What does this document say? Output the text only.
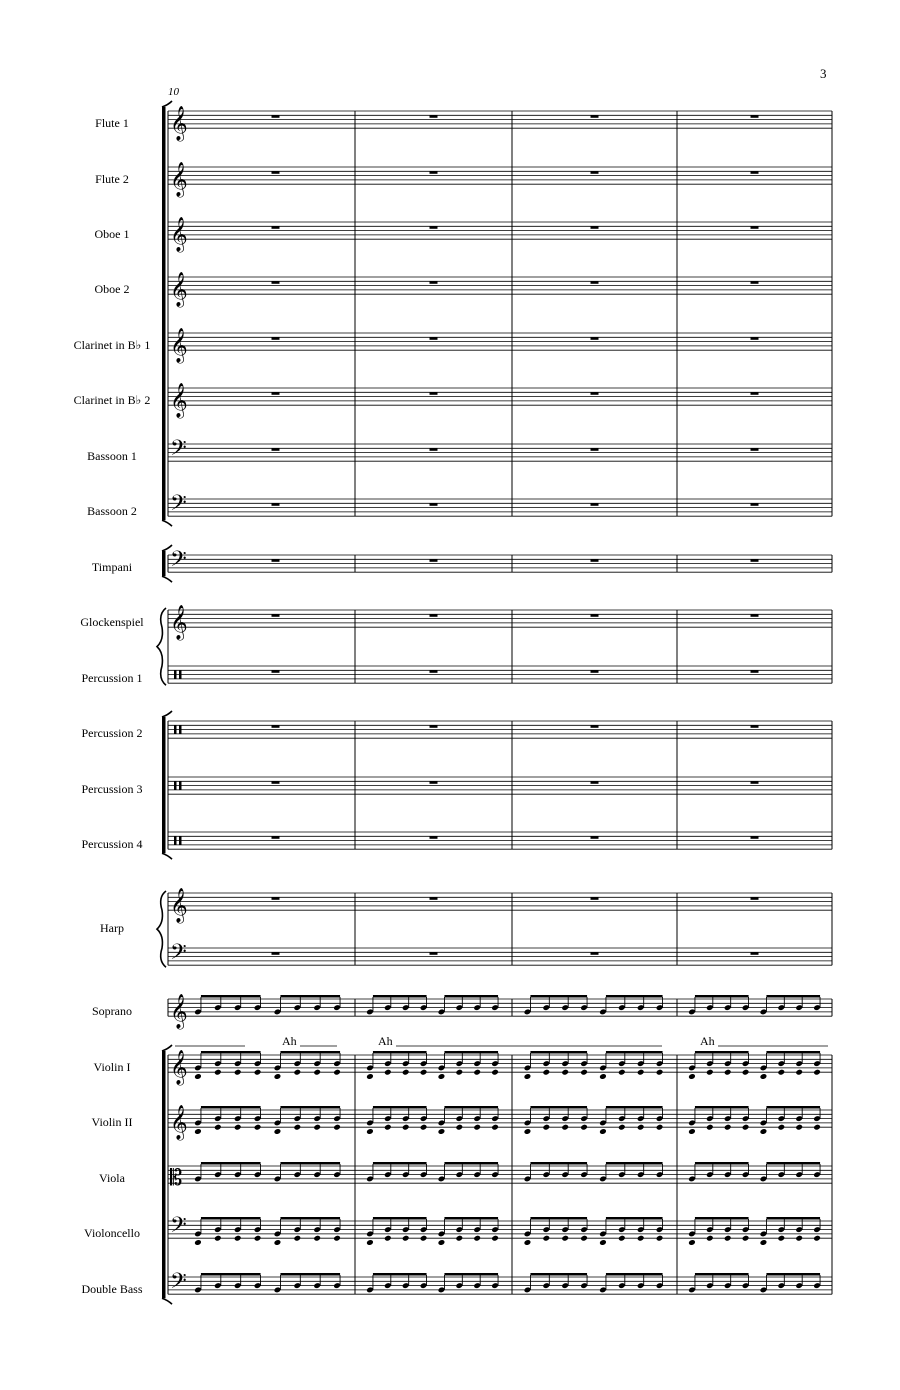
𝄞
𝄞
𝄞
𝄞
𝄞
𝄞
𝄢
𝄢
𝄢
𝄞
𝄞
𝄢
𝄞
𝄞
𝄞
𝄡
𝄢
𝄢
3
10
Flute 1
Flute 2
Oboe 1
Oboe 2
Clarinet in B♭ 1
Clarinet in B♭ 2
Bassoon 1
Bassoon 2
Timpani
Glockenspiel
Percussion 1
Percussion 2
Percussion 3
Percussion 4
Harp
Soprano
Violin I
Violin II
Viola
Violoncello
Double Bass
Ah	Ah	Ah
